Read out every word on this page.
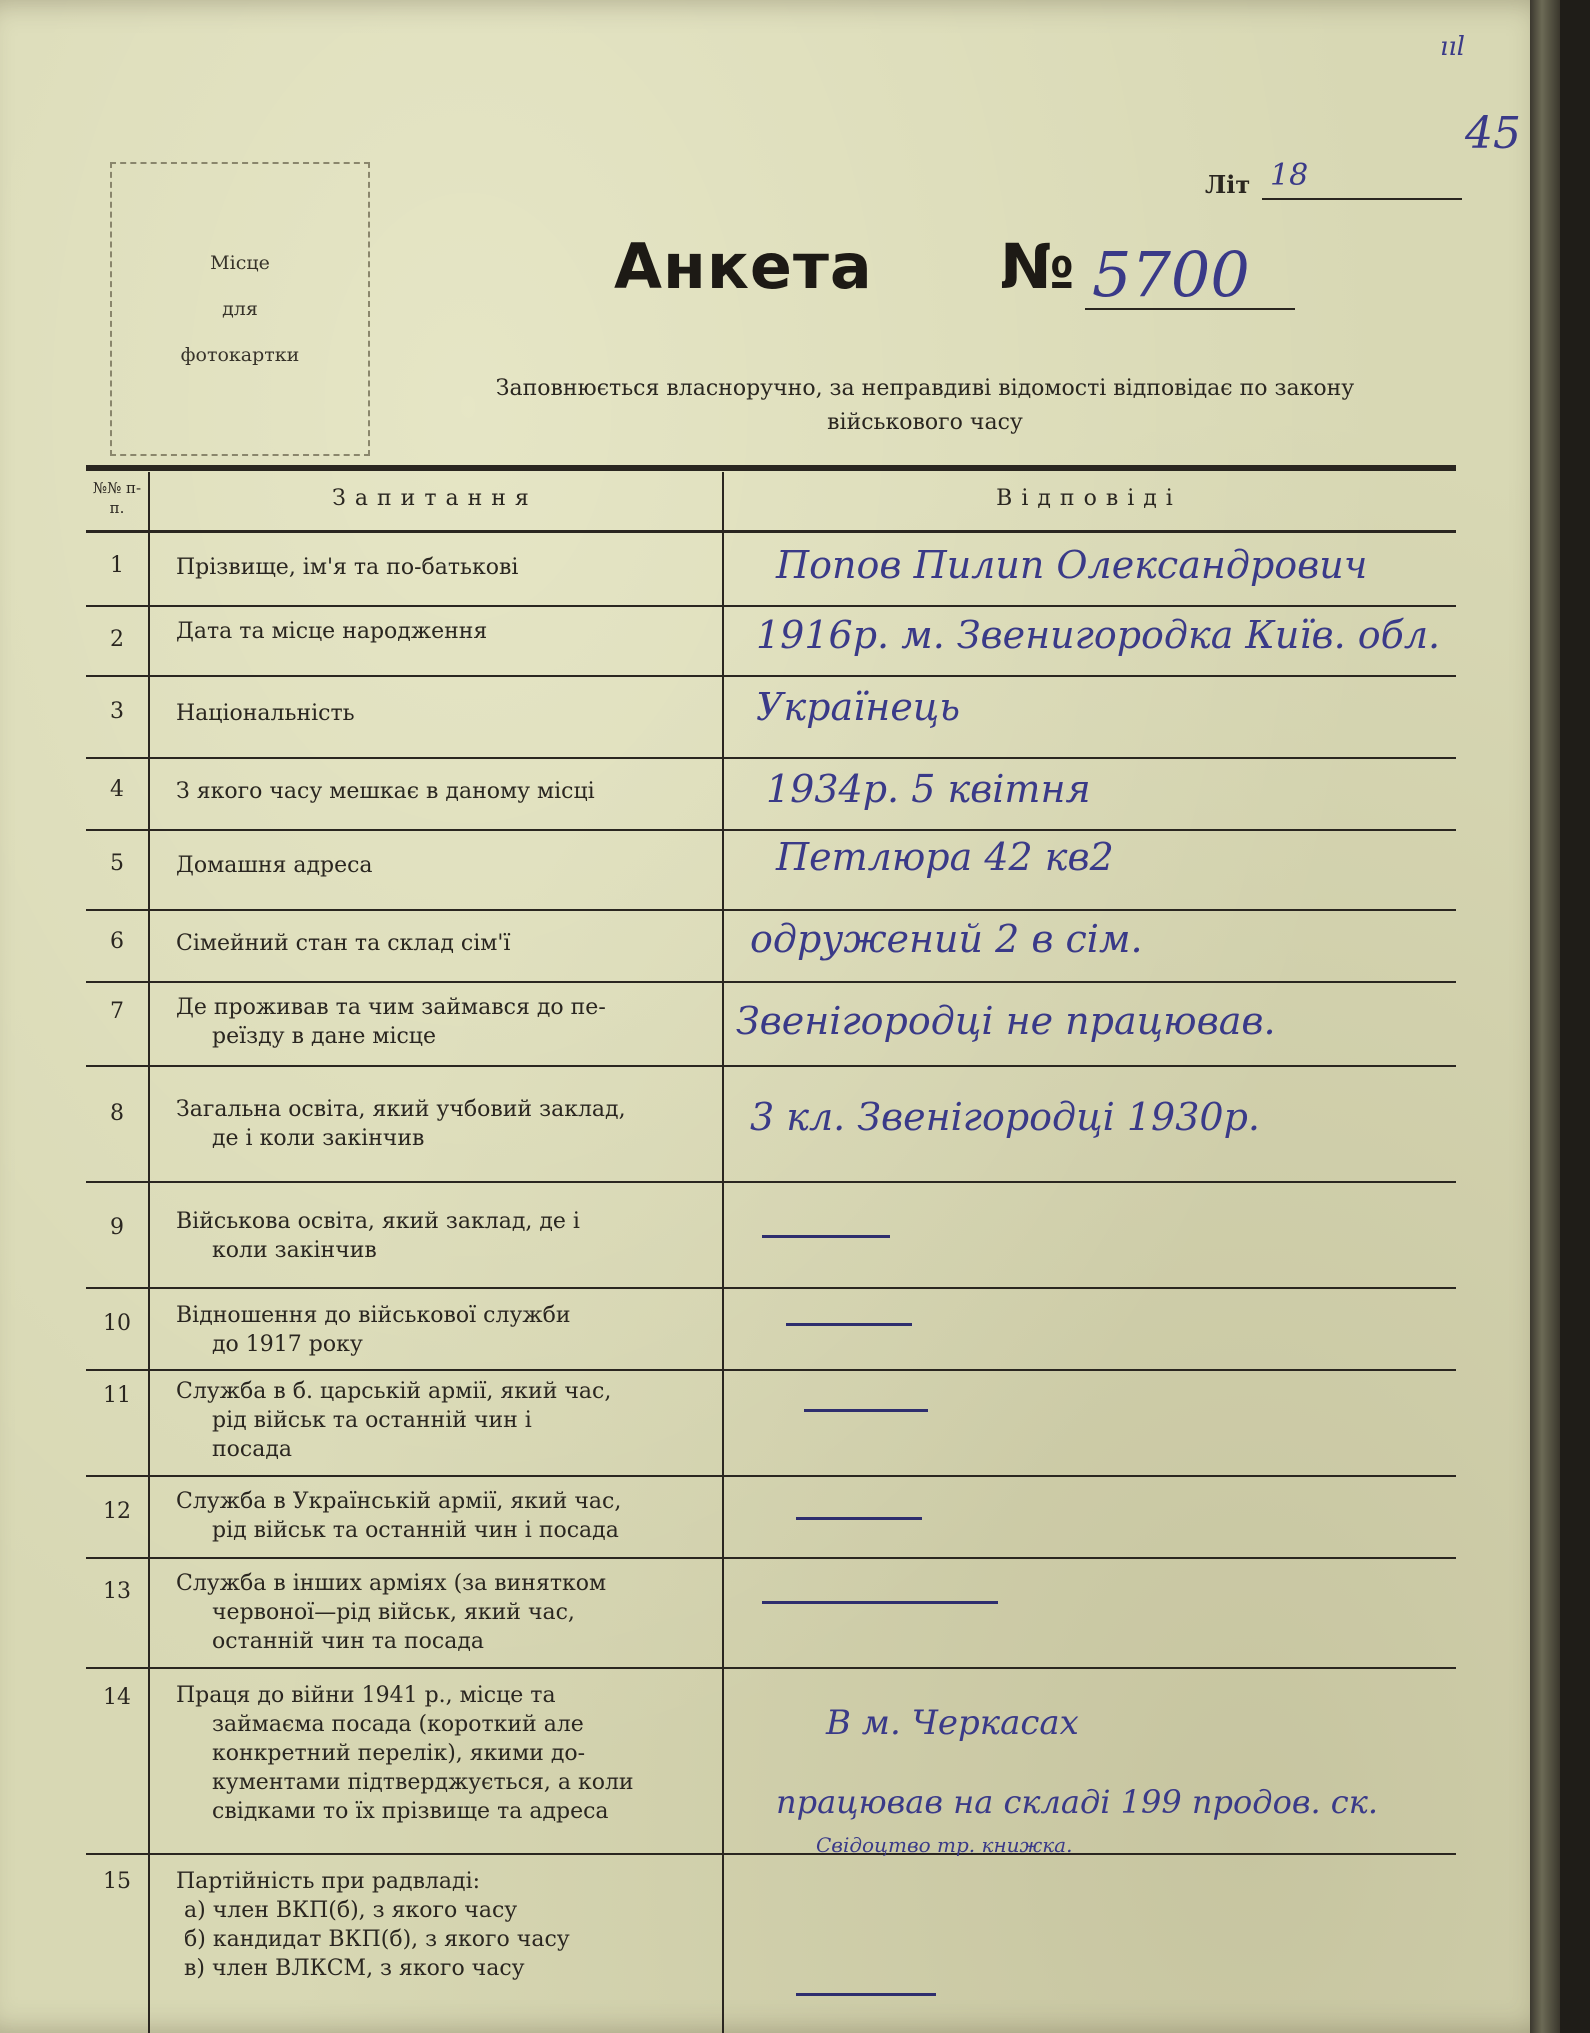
ııl
45
Місце
для
фотокартки
Літ 18
Анкета № 5700
Заповнюється власноручно, за неправдиві відомості відповідає по закону
військового часу
№№ п-п.	Запитання	Відповіді
1	Прізвище, ім'я та по-батькові	Попов Пилип Олександрович
2	Дата та місце народження	1916р. м. Звенигородка Київ. обл.
3	Національність	Українець
4	З якого часу мешкає в даному місці	1934р. 5 квітня
5	Домашня адреса	Петлюра 42 кв2
6	Сімейний стан та склад сім'ї	одружений 2 в сім.
7	Де проживав та чим займався до пе-
реїзду в дане місце	Звенігородці не працював.
8	Загальна освіта, який учбовий заклад,
де і коли закінчив	3 кл. Звенігородці 1930р.
9	Військова освіта, який заклад, де і
коли закінчив
10	Відношення до військової служби
до 1917 року
11	Служба в б. царській армії, який час,
рід військ та останній чин і
посада
12	Служба в Українській армії, який час,
рід військ та останній чин і посада
13	Служба в інших арміях (за винятком
червоної—рід військ, який час,
останній чин та посада
14	Праця до війни 1941 р., місце та
займаєма посада (короткий але
конкретний перелік), якими до-
кументами підтверджується, а коли
свідками то їх прізвище та адреса
В м. Черкасах
працював на складі 199 продов. ск.
Свідоцтво тр. книжка.
15	Партійність при радвладі:
а) член ВКП(б), з якого часу
б) кандидат ВКП(б), з якого часу
в) член ВЛКСМ, з якого часу
